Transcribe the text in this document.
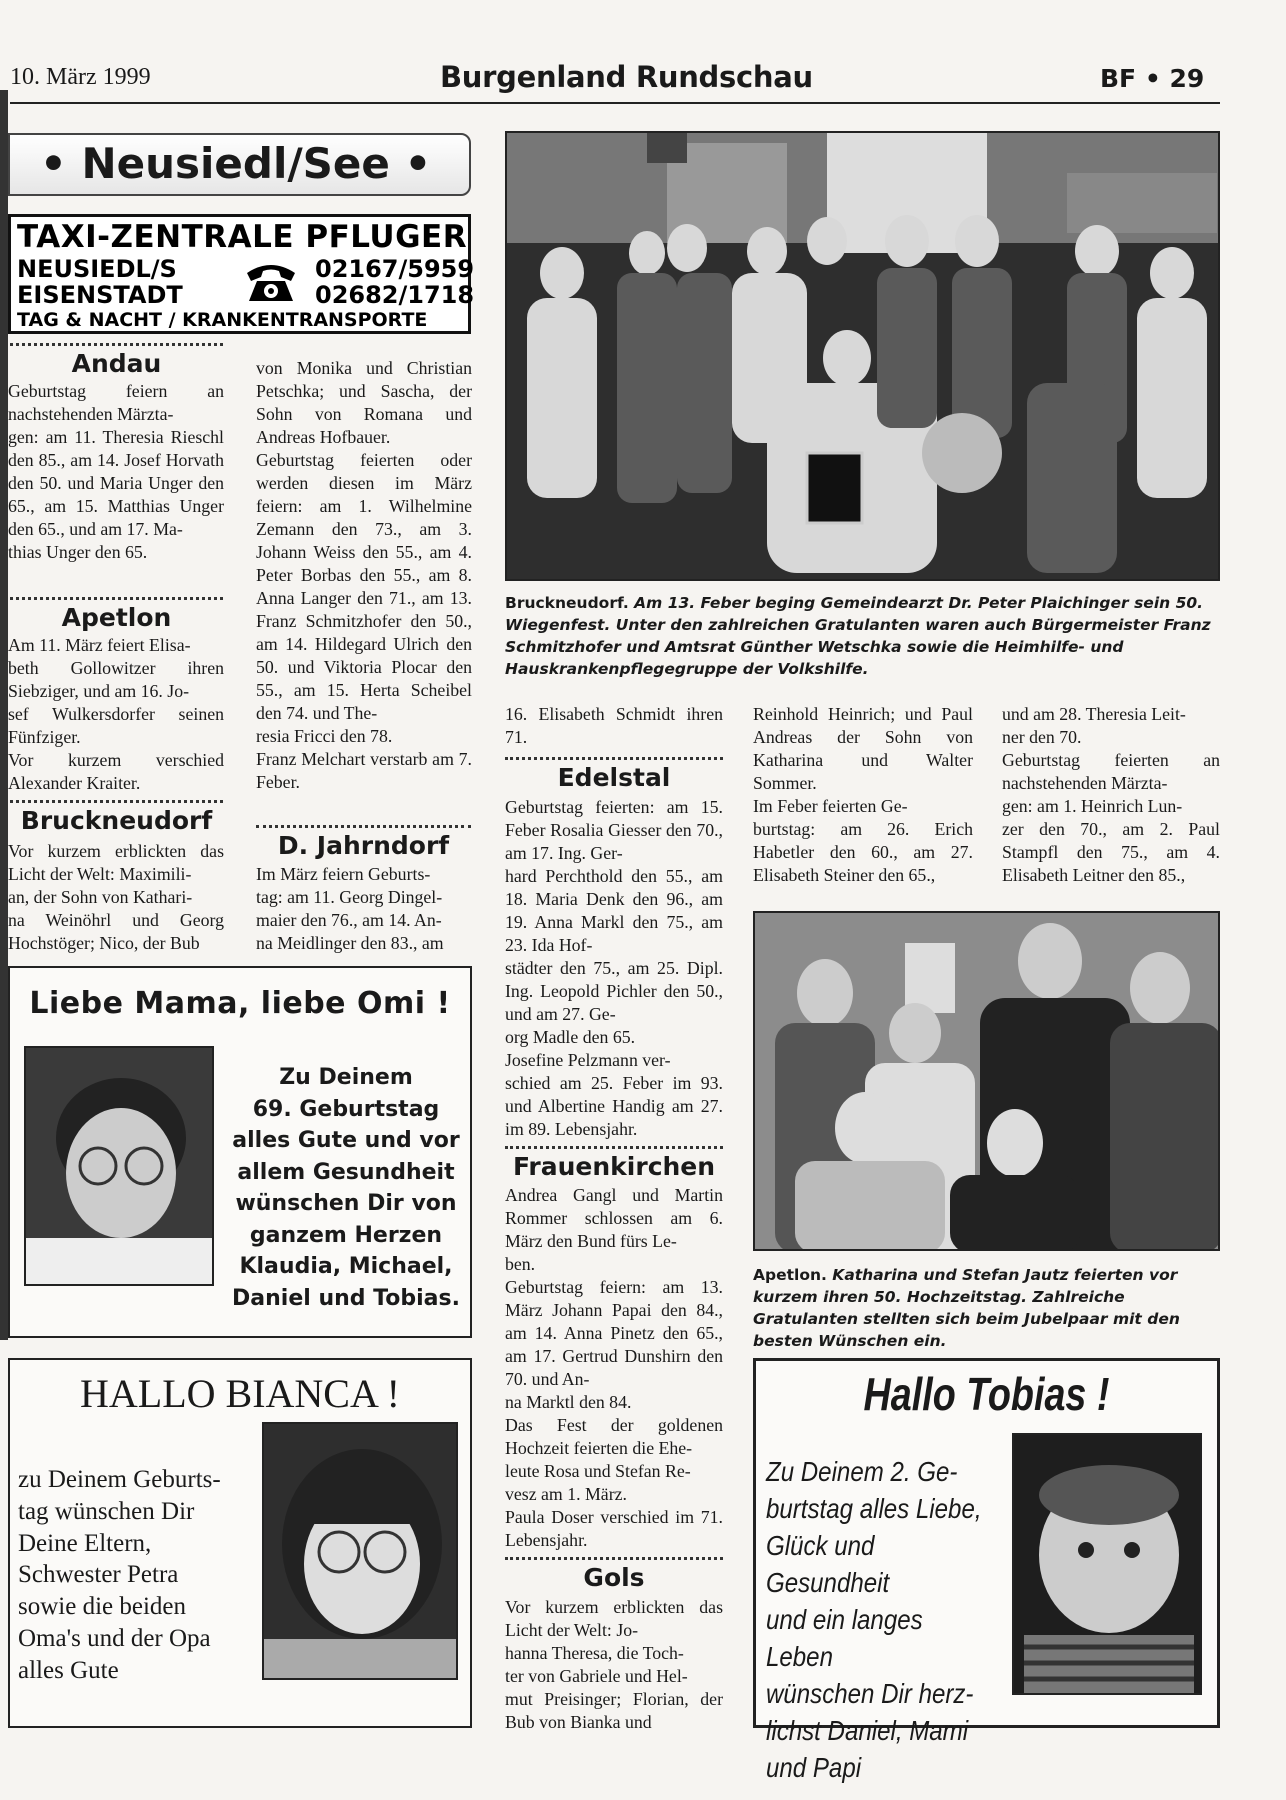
10. März 1999	Burgenland Rundschau	BF • 29
• Neusiedl/See •
TAXI-ZENTRALE PFLUGER
NEUSIEDL/S
EISENSTADT
02167/5959
02682/1718
TAG & NACHT / KRANKENTRANSPORTE
Andau
Geburtstag feiern an nachstehenden Märzta-
gen: am 11. Theresia Rieschl den 85., am 14. Josef Horvath den 50. und Maria Unger den 65., am 15. Matthias Unger den 65., und am 17. Ma-
thias Unger den 65.
Apetlon
Am 11. März feiert Elisa-
beth Gollowitzer ihren Siebziger, und am 16. Jo-
sef Wulkersdorfer seinen Fünfziger.
Vor kurzem verschied Alexander Kraiter.
Bruckneudorf
Vor kurzem erblickten das Licht der Welt: Maximili-
an, der Sohn von Kathari-
na Weinöhrl und Georg Hochstöger; Nico, der Bub
von Monika und Christian Petschka; und Sascha, der Sohn von Romana und Andreas Hofbauer.
Geburtstag feierten oder werden diesen im März feiern: am 1. Wilhelmine Zemann den 73., am 3. Johann Weiss den 55., am 4. Peter Borbas den 55., am 8. Anna Langer den 71., am 13. Franz Schmitzhofer den 50., am 14. Hildegard Ulrich den 50. und Viktoria Plocar den 55., am 15. Herta Scheibel den 74. und The-
resia Fricci den 78.
Franz Melchart verstarb am 7. Feber.
D. Jahrndorf
Im März feiern Geburts-
tag: am 11. Georg Dingel-
maier den 76., am 14. An-
na Meidlinger den 83., am
Bruckneudorf. Am 13. Feber beging Gemeindearzt Dr. Peter Plaichinger sein 50. Wiegenfest. Unter den zahlreichen Gratulanten waren auch Bürgermeister Franz Schmitzhofer und Amtsrat Günther Wetschka sowie die Heimhilfe- und Hauskrankenpflegegruppe der Volkshilfe.
16. Elisabeth Schmidt ihren 71.
Edelstal
Geburtstag feierten: am 15. Feber Rosalia Giesser den 70., am 17. Ing. Ger-
hard Perchthold den 55., am 18. Maria Denk den 96., am 19. Anna Markl den 75., am 23. Ida Hof-
städter den 75., am 25. Dipl. Ing. Leopold Pichler den 50., und am 27. Ge-
org Madle den 65.
Josefine Pelzmann ver-
schied am 25. Feber im 93. und Albertine Handig am 27. im 89. Lebensjahr.
Frauenkirchen
Andrea Gangl und Martin Rommer schlossen am 6. März den Bund fürs Le-
ben.
Geburtstag feiern: am 13. März Johann Papai den 84., am 14. Anna Pinetz den 65., am 17. Gertrud Dunshirn den 70. und An-
na Marktl den 84.
Das Fest der goldenen Hochzeit feierten die Ehe-
leute Rosa und Stefan Re-
vesz am 1. März.
Paula Doser verschied im 71. Lebensjahr.
Gols
Vor kurzem erblickten das Licht der Welt: Jo-
hanna Theresa, die Toch-
ter von Gabriele und Hel-
mut Preisinger; Florian, der Bub von Bianka und
Reinhold Heinrich; und Paul Andreas der Sohn von Katharina und Walter Sommer.
Im Feber feierten Ge-
burtstag: am 26. Erich Habetler den 60., am 27. Elisabeth Steiner den 65.,
und am 28. Theresia Leit-
ner den 70.
Geburtstag feierten an nachstehenden Märzta-
gen: am 1. Heinrich Lun-
zer den 70., am 2. Paul Stampfl den 75., am 4. Elisabeth Leitner den 85.,
Apetlon. Katharina und Stefan Jautz feierten vor kurzem ihren 50. Hochzeitstag. Zahlreiche Gratulanten stellten sich beim Jubelpaar mit den besten Wünschen ein.
Liebe Mama, liebe Omi !
Zu Deinem
69. Geburtstag
alles Gute und vor
allem Gesundheit
wünschen Dir von
ganzem Herzen
Klaudia, Michael,
Daniel und Tobias.
HALLO BIANCA !
zu Deinem Geburts-
tag wünschen Dir
Deine Eltern,
Schwester Petra
sowie die beiden
Oma's und der Opa
alles Gute
Hallo Tobias !
Zu Deinem 2. Ge-
burtstag alles Liebe,
Glück und Gesundheit
und ein langes Leben
wünschen Dir herz-
lichst Daniel, Mami
und Papi
